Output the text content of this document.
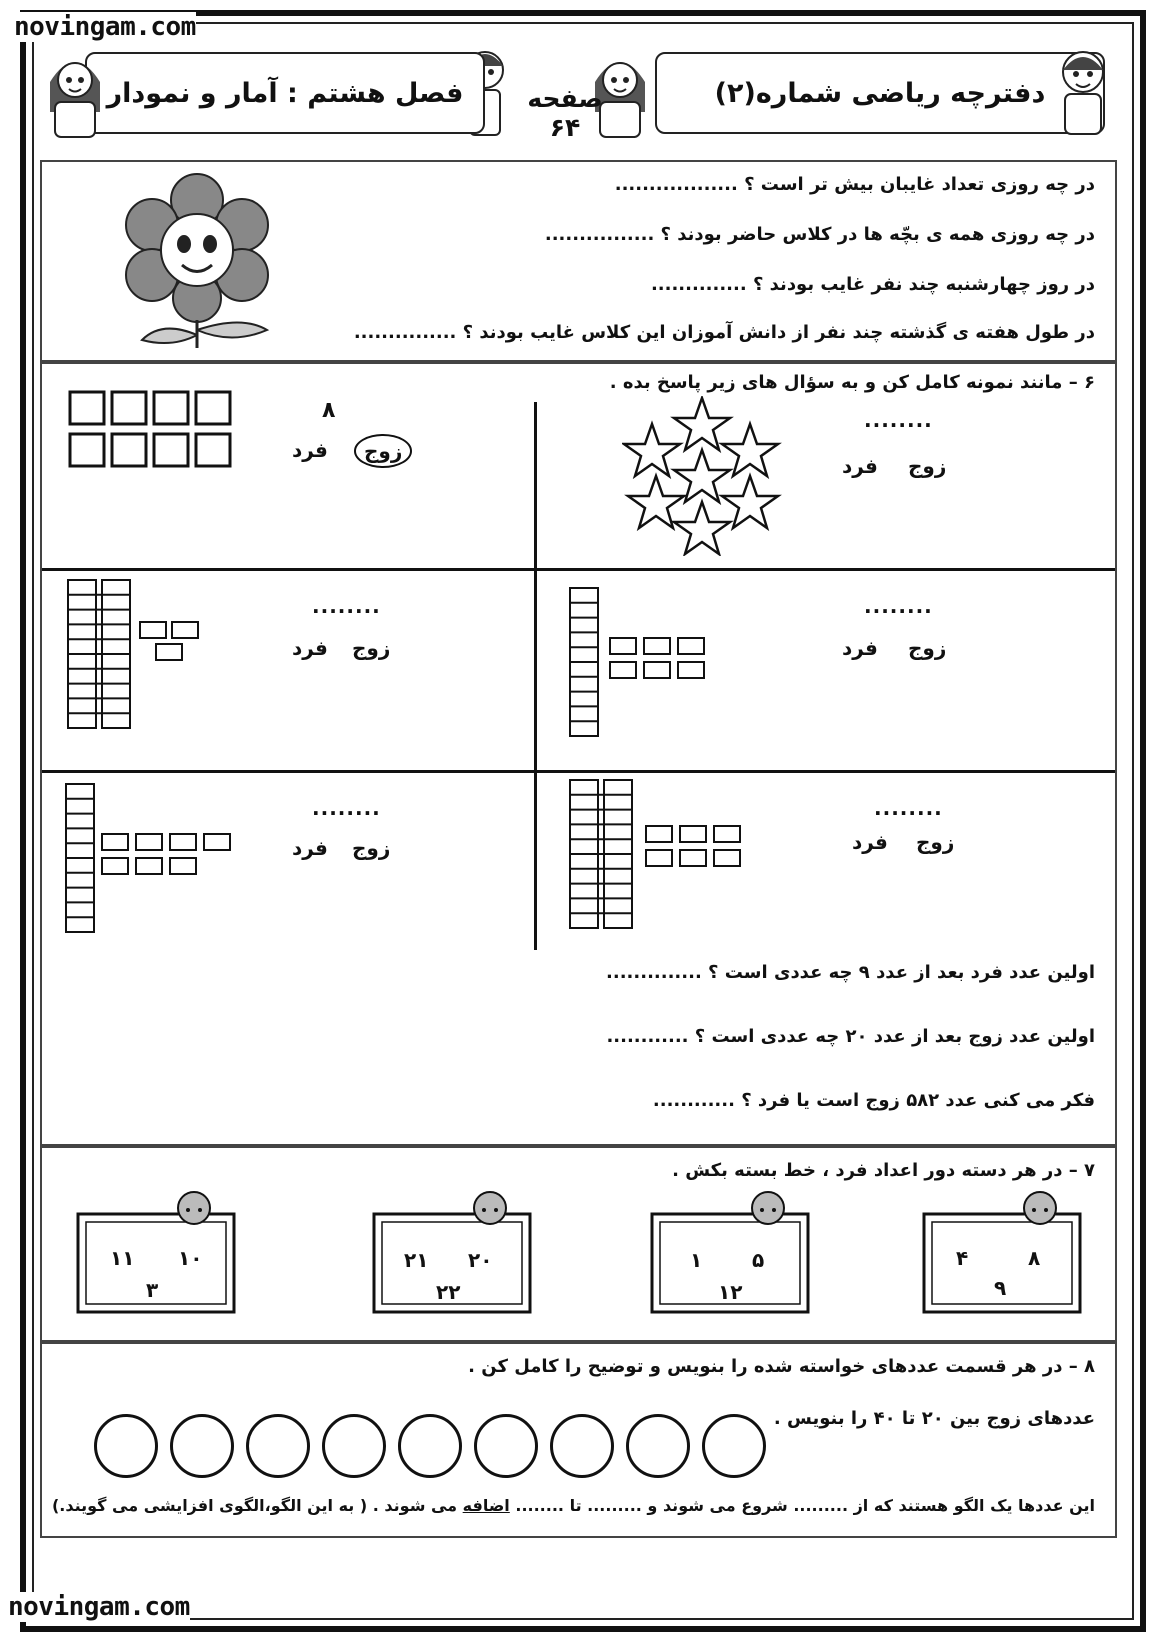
novingam.com
novingam.com
دفترچه ریاضی شماره(۲)
صفحه ۶۴
فصل هشتم : آمار و نمودار
در چه روزی تعداد غایبان بیش تر است ؟ ..................
در چه روزی همه ی بچّه ها در کلاس حاضر بودند ؟ ................
در روز چهارشنبه چند نفر غایب بودند ؟ ..............
در طول هفته ی گذشته چند نفر از دانش آموزان این کلاس غایب بودند ؟ ...............
۶ – مانند نمونه کامل کن و به سؤال های زیر پاسخ بده .
........
زوج
فرد
۸
زوج
فرد
........
زوج
فرد
........
زوج
فرد
........
زوج
فرد
........
زوج
فرد
اولین عدد فرد بعد از عدد ۹ چه عددی است ؟ ..............
اولین عدد زوج بعد از عدد ۲۰ چه عددی است ؟ ............
فکر می کنی عدد ۵۸۲ زوج است یا فرد ؟ ............
۷ – در هر دسته دور اعداد فرد ، خط بسته بکش .
۸
۴
۹
۵
۱
۱۲
۲۰
۲۱
۲۲
۱۰
۱۱
۳
۸ – در هر قسمت عددهای خواسته شده را بنویس و توضیح را کامل کن .
عددهای زوج بین ۲۰ تا ۴۰ را بنویس .
این عددها یک الگو هستند که از ......... شروع می شوند و ......... تا ........ اضافه می شوند . ( به این الگو،الگوی افزایشی می گویند.)
